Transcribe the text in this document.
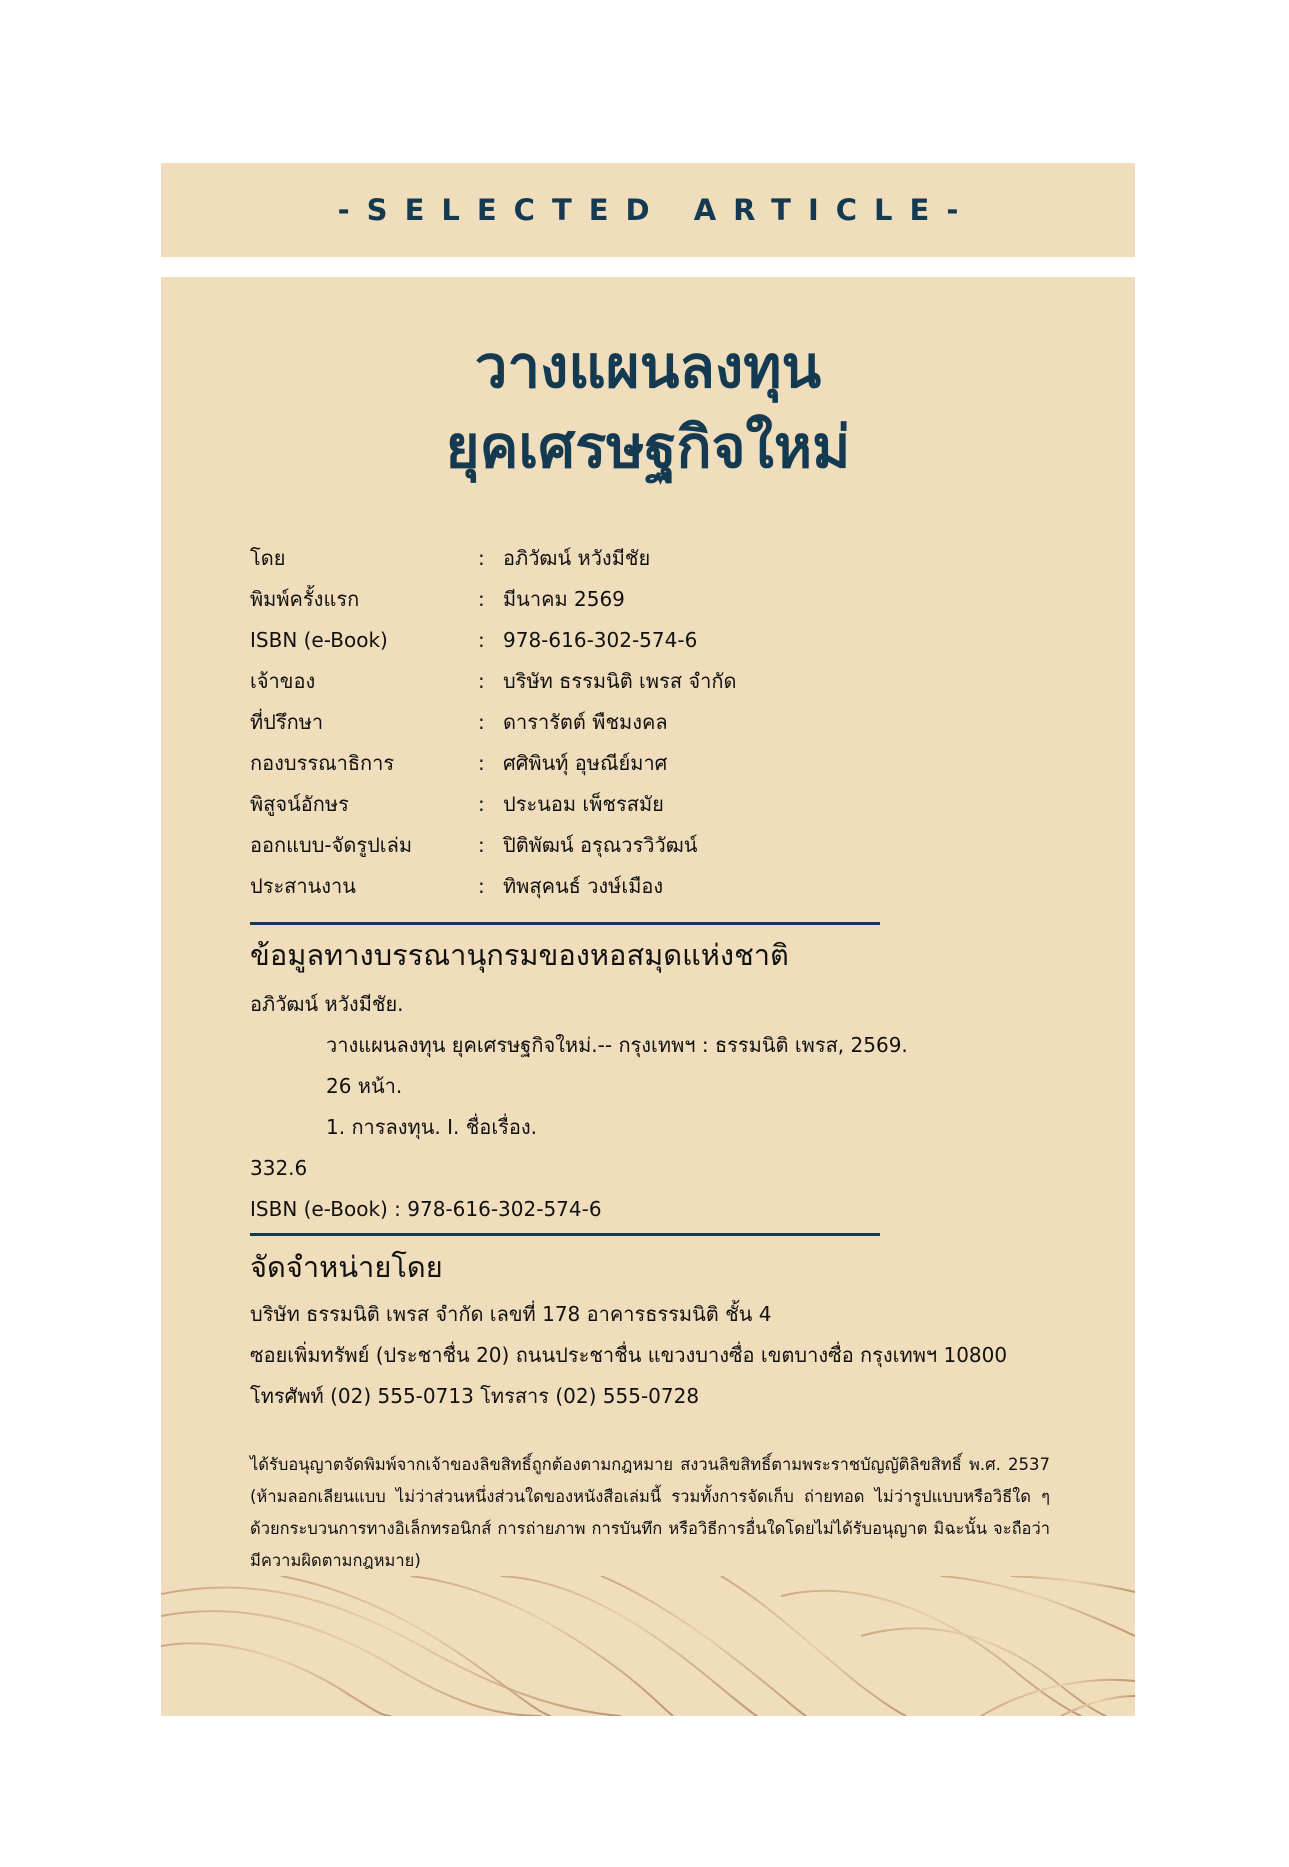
-SELECTED ARTICLE-
วางแผนลงทุน
ยุคเศรษฐกิจใหม่
โดย	: อภิวัฒน์ หวังมีชัย
พิมพ์ครั้งแรก	: มีนาคม 2569
ISBN (e-Book)	: 978-616-302-574-6
เจ้าของ	: บริษัท ธรรมนิติ เพรส จำกัด
ที่ปรึกษา	: ดารารัตต์ พืชมงคล
กองบรรณาธิการ	: ศศิพินทุ์ อุษณีย์มาศ
พิสูจน์อักษร	: ประนอม เพ็ชรสมัย
ออกแบบ-จัดรูปเล่ม	: ปิติพัฒน์ อรุณวรวิวัฒน์
ประสานงาน	: ทิพสุคนธ์ วงษ์เมือง
ข้อมูลทางบรรณานุกรมของหอสมุดแห่งชาติ
อภิวัฒน์ หวังมีชัย.
วางแผนลงทุน ยุคเศรษฐกิจใหม่.-- กรุงเทพฯ : ธรรมนิติ เพรส, 2569.
26 หน้า.
1. การลงทุน. I. ชื่อเรื่อง.
332.6
ISBN (e-Book) : 978-616-302-574-6
จัดจำหน่ายโดย
บริษัท ธรรมนิติ เพรส จำกัด เลขที่ 178 อาคารธรรมนิติ ชั้น 4
ซอยเพิ่มทรัพย์ (ประชาชื่น 20) ถนนประชาชื่น แขวงบางซื่อ เขตบางซื่อ กรุงเทพฯ 10800
โทรศัพท์ (02) 555-0713 โทรสาร (02) 555-0728
ได้รับอนุญาตจัดพิมพ์จากเจ้าของลิขสิทธิ์ถูกต้องตามกฎหมาย สงวนลิขสิทธิ์ตามพระราชบัญญัติลิขสิทธิ์ พ.ศ. 2537 (ห้ามลอกเลียนแบบ ไม่ว่าส่วนหนึ่งส่วนใดของหนังสือเล่มนี้ รวมทั้งการจัดเก็บ ถ่ายทอด ไม่ว่ารูปแบบหรือวิธีใด ๆ ด้วยกระบวนการทางอิเล็กทรอนิกส์ การถ่ายภาพ การบันทึก หรือวิธีการอื่นใดโดยไม่ได้รับอนุญาต มิฉะนั้น จะถือว่ามีความผิดตามกฎหมาย)
